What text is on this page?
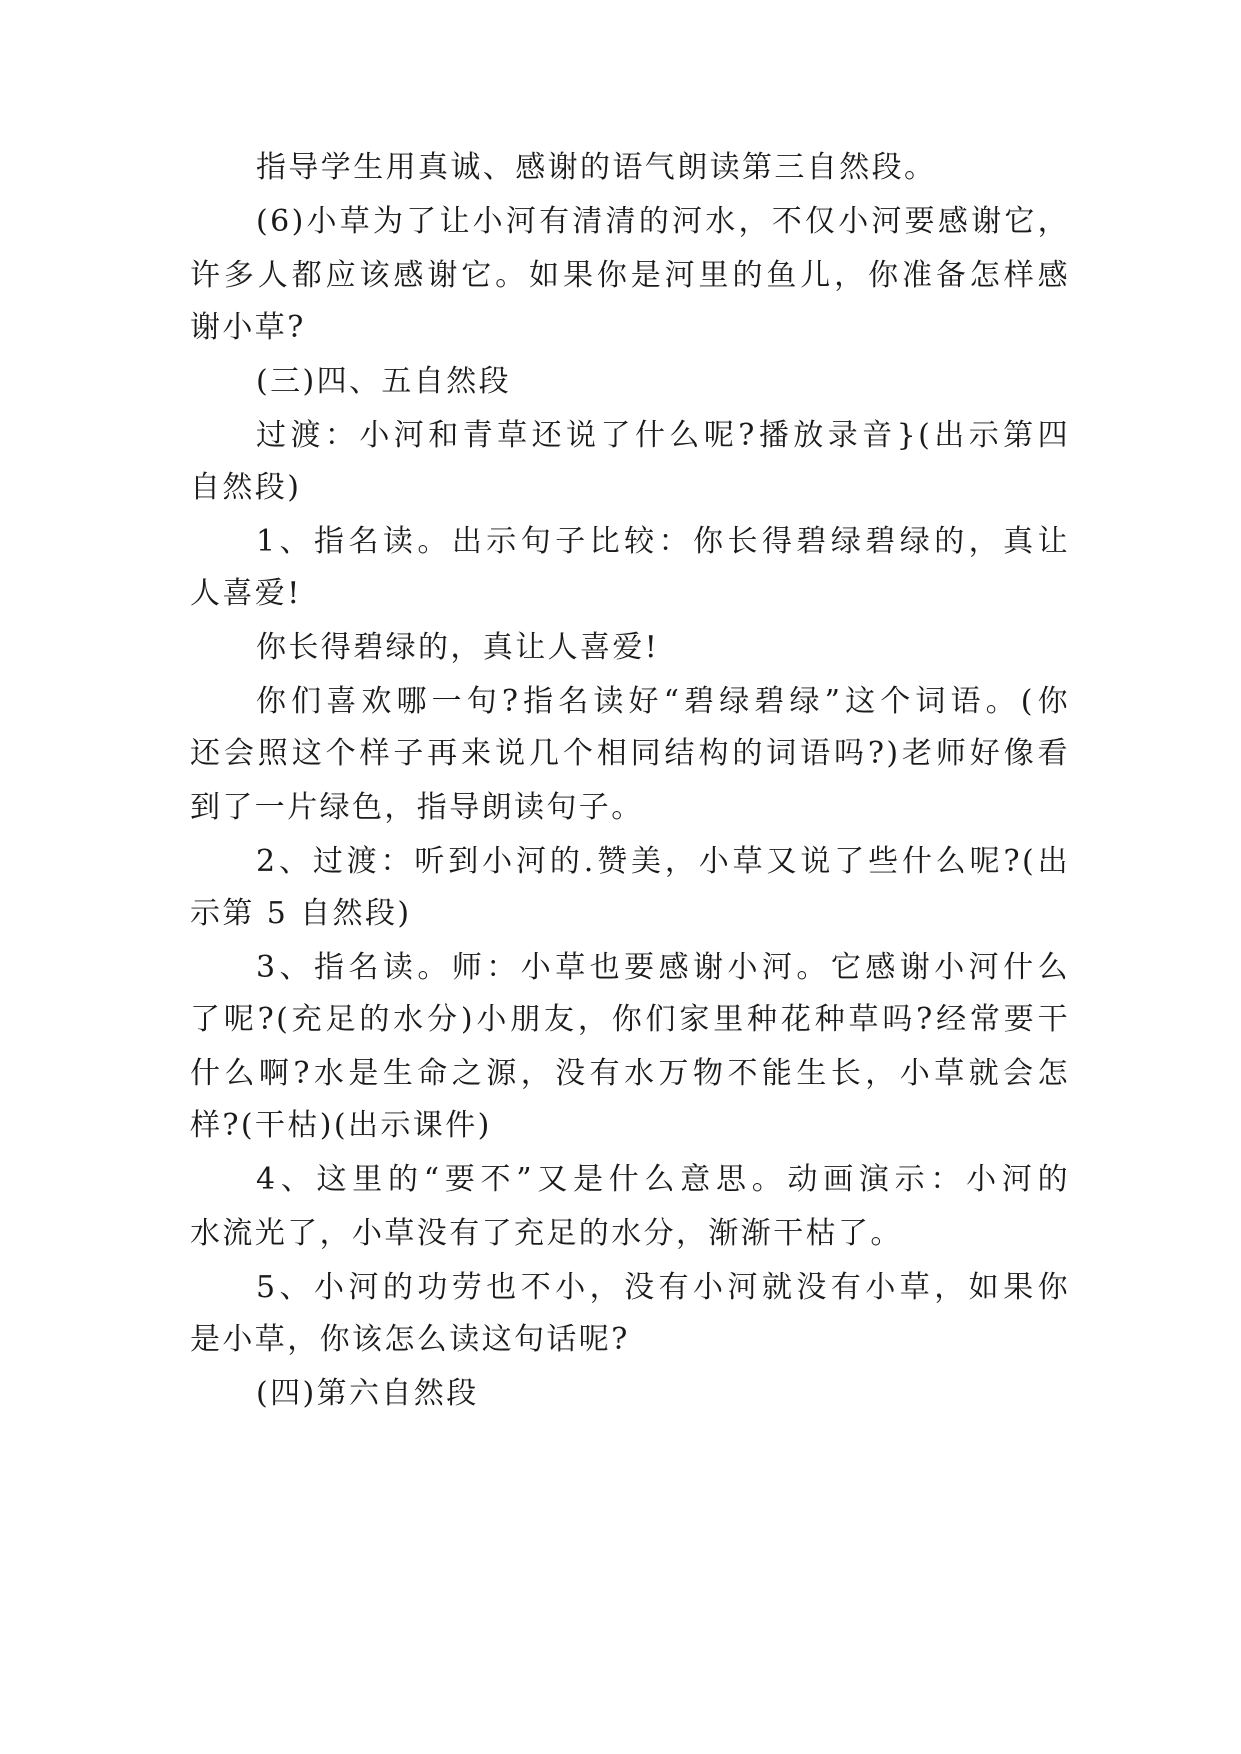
指导学生用真诚、感谢的语气朗读第三自然段。
(6)小草为了让小河有清清的河水，不仅小河要感谢它，
许多人都应该感谢它。如果你是河里的鱼儿，你准备怎样感
谢小草?
(三)四、五自然段
过渡：小河和青草还说了什么呢?播放录音}(出示第四
自然段)
1、指名读。出示句子比较：你长得碧绿碧绿的，真让
人喜爱!
你长得碧绿的，真让人喜爱!
你们喜欢哪一句?指名读好“碧绿碧绿”这个词语。(你
还会照这个样子再来说几个相同结构的词语吗?)老师好像看
到了一片绿色，指导朗读句子。
2、过渡：听到小河的.赞美，小草又说了些什么呢?(出
示第 5 自然段)
3、指名读。师：小草也要感谢小河。它感谢小河什么
了呢?(充足的水分)小朋友，你们家里种花种草吗?经常要干
什么啊?水是生命之源，没有水万物不能生长，小草就会怎
样?(干枯)(出示课件)
4、这里的“要不”又是什么意思。动画演示：小河的
水流光了，小草没有了充足的水分，渐渐干枯了。
5、小河的功劳也不小，没有小河就没有小草，如果你
是小草，你该怎么读这句话呢?
(四)第六自然段
